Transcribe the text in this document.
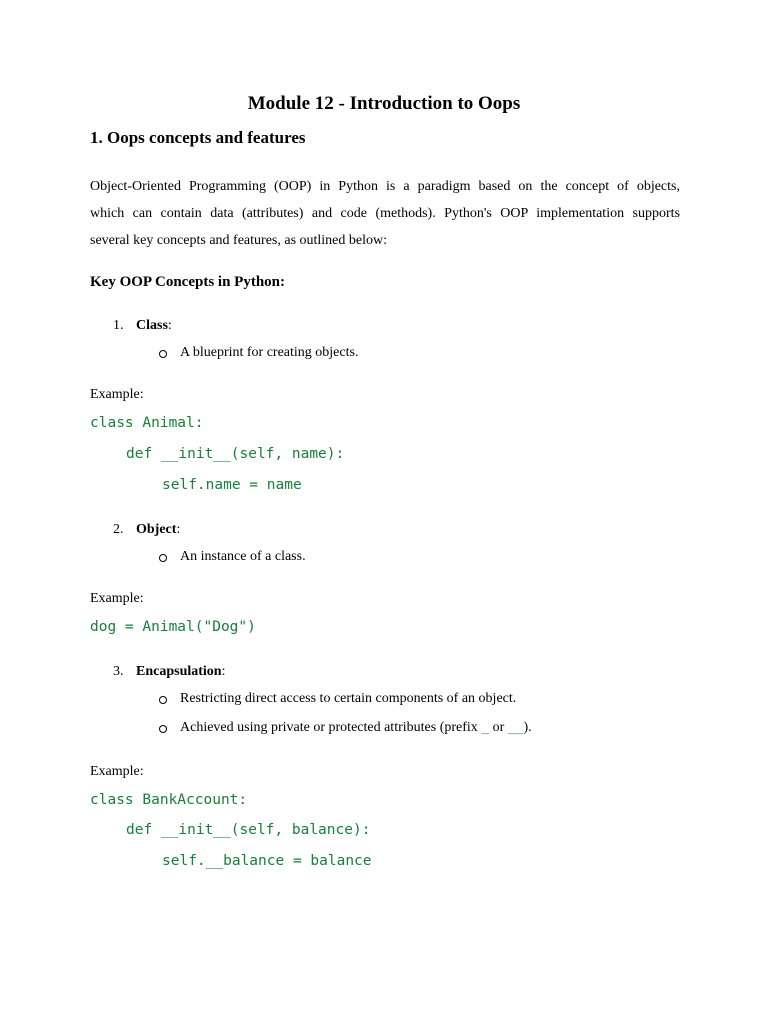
Module 12 - Introduction to Oops
1. Oops concepts and features
Object-Oriented Programming (OOP) in Python is a paradigm based on the concept of objects,
which can contain data (attributes) and code (methods). Python's OOP implementation supports
several key concepts and features, as outlined below:
Key OOP Concepts in Python:
1. Class:
A blueprint for creating objects.
Example:
class Animal:
def __init__(self, name):
self.name = name
2. Object:
An instance of a class.
Example:
dog = Animal("Dog")
3. Encapsulation:
Restricting direct access to certain components of an object.
Achieved using private or protected attributes (prefix _ or __).
Example:
class BankAccount:
def __init__(self, balance):
self.__balance = balance
